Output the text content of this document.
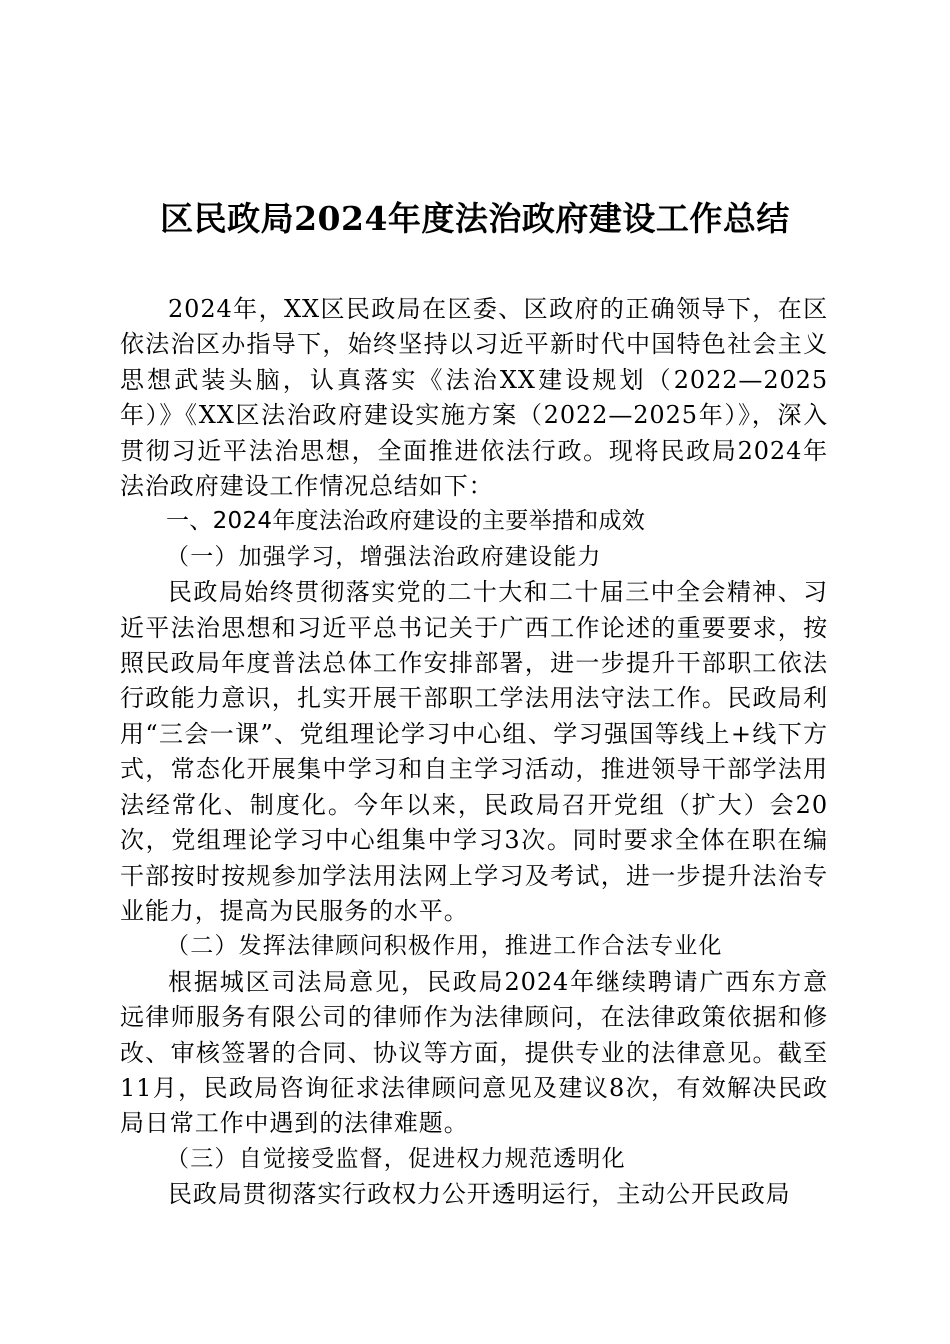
区民政局2024年度法治政府建设工作总结

2024年，XX区民政局在区委、区政府的正确领导下，在区依法治区办指导下，始终坚持以习近平新时代中国特色社会主义思想武装头脑，认真落实《法治XX建设规划（2022—2025年）》《XX区法治政府建设实施方案（2022—2025年）》，深入贯彻习近平法治思想，全面推进依法行政。现将民政局2024年法治政府建设工作情况总结如下：

一、2024年度法治政府建设的主要举措和成效

（一）加强学习，增强法治政府建设能力

民政局始终贯彻落实党的二十大和二十届三中全会精神、习近平法治思想和习近平总书记关于广西工作论述的重要要求，按照民政局年度普法总体工作安排部署，进一步提升干部职工依法行政能力意识，扎实开展干部职工学法用法守法工作。民政局利用“三会一课”、党组理论学习中心组、学习强国等线上+线下方式，常态化开展集中学习和自主学习活动，推进领导干部学法用法经常化、制度化。今年以来，民政局召开党组（扩大）会20次，党组理论学习中心组集中学习3次。同时要求全体在职在编干部按时按规参加学法用法网上学习及考试，进一步提升法治专业能力，提高为民服务的水平。

（二）发挥法律顾问积极作用，推进工作合法专业化

根据城区司法局意见，民政局2024年继续聘请广西东方意远律师服务有限公司的律师作为法律顾问，在法律政策依据和修改、审核签署的合同、协议等方面，提供专业的法律意见。截至11月，民政局咨询征求法律顾问意见及建议8次，有效解决民政局日常工作中遇到的法律难题。

（三）自觉接受监督，促进权力规范透明化

民政局贯彻落实行政权力公开透明运行，主动公开民政局
